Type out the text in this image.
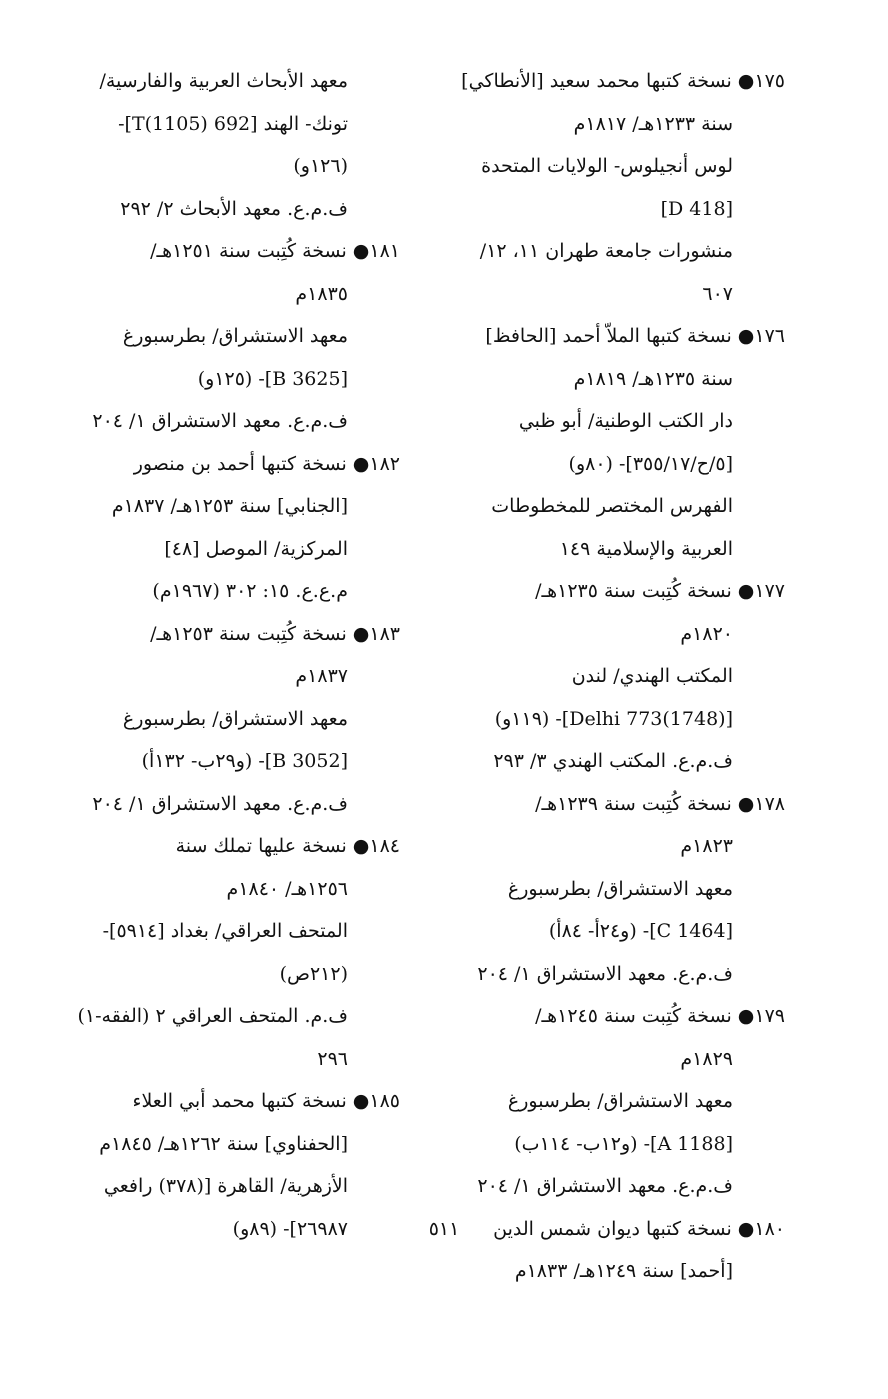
١٧٥● نسخة كتبها محمد سعيد [الأنطاكي]
سنة ١٢٣٣هـ/ ١٨١٧م
لوس أنجيلوس- الولايات المتحدة
[D 418]
منشورات جامعة طهران ١١، ١٢/
٦٠٧
١٧٦● نسخة كتبها الملاّ أحمد [الحافظ]
سنة ١٢٣٥هـ/ ١٨١٩م
دار الكتب الوطنية/ أبو ظبي
[٥/ح/٣٥٥/١٧]- (٨٠و)
الفهرس المختصر للمخطوطات
العربية والإسلامية ١٤٩
١٧٧● نسخة كُتِبت سنة ١٢٣٥هـ/
١٨٢٠م
المكتب الهندي/ لندن
[Delhi 773(1748)]- (١١٩و)
ف.م.ع. المكتب الهندي ٣/ ٢٩٣
١٧٨● نسخة كُتِبت سنة ١٢٣٩هـ/
١٨٢٣م
معهد الاستشراق/ بطرسبورغ
[C 1464]- (و٢٤أ- ٨٤أ)
ف.م.ع. معهد الاستشراق ١/ ٢٠٤
١٧٩● نسخة كُتِبت سنة ١٢٤٥هـ/
١٨٢٩م
معهد الاستشراق/ بطرسبورغ
[A 1188]- (و١٢ب- ١١٤ب)
ف.م.ع. معهد الاستشراق ١/ ٢٠٤
١٨٠● نسخة كتبها ديوان شمس الدين
[أحمد] سنة ١٢٤٩هـ/ ١٨٣٣م
معهد الأبحاث العربية والفارسية/
تونك- الهند [692 T(1105)]-
(١٢٦و)
ف.م.ع. معهد الأبحاث ٢/ ٢٩٢
١٨١● نسخة كُتِبت سنة ١٢٥١هـ/
١٨٣٥م
معهد الاستشراق/ بطرسبورغ
[B 3625]- (١٢٥و)
ف.م.ع. معهد الاستشراق ١/ ٢٠٤
١٨٢● نسخة كتبها أحمد بن منصور
[الجنابي] سنة ١٢٥٣هـ/ ١٨٣٧م
المركزية/ الموصل [٤٨]
م.ع.ع. ١٥: ٣٠٢ (١٩٦٧م)
١٨٣● نسخة كُتِبت سنة ١٢٥٣هـ/
١٨٣٧م
معهد الاستشراق/ بطرسبورغ
[B 3052]- (و٢٩ب- ١٣٢أ)
ف.م.ع. معهد الاستشراق ١/ ٢٠٤
١٨٤● نسخة عليها تملك سنة
١٢٥٦هـ/ ١٨٤٠م
المتحف العراقي/ بغداد [٥٩١٤]-
(٢١٢ص)
ف.م. المتحف العراقي ٢ (الفقه-١)
٢٩٦
١٨٥● نسخة كتبها محمد أبي العلاء
[الحفناوي] سنة ١٢٦٢هـ/ ١٨٤٥م
الأزهرية/ القاهرة [(٣٧٨) رافعي
٢٦٩٨٧]- (٨٩و)	٥١١
